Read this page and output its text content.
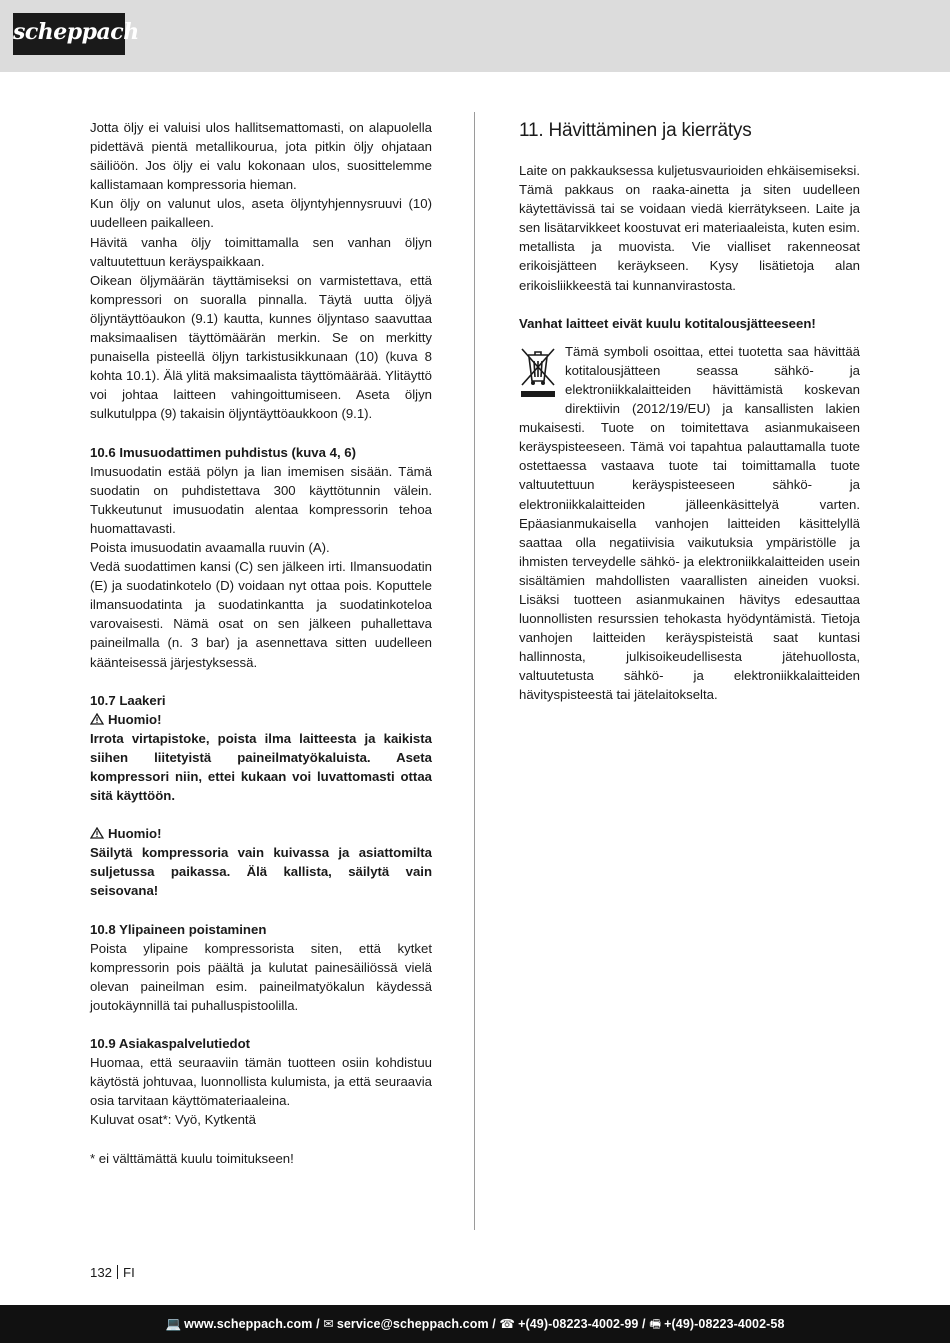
scheppach
Jotta öljy ei valuisi ulos hallitsemattomasti, on alapuolella pidettävä pientä metallikourua, jota pitkin öljy ohjataan säiliöön. Jos öljy ei valu kokonaan ulos, suosittelemme kallistamaan kompressoria hieman.
Kun öljy on valunut ulos, aseta öljyntyhjennysruuvi (10) uudelleen paikalleen.
Hävitä vanha öljy toimittamalla sen vanhan öljyn valtuutettuun keräyspaikkaan.
Oikean öljymäärän täyttämiseksi on varmistettava, että kompressori on suoralla pinnalla. Täytä uutta öljyä öljyntäyttöaukon (9.1) kautta, kunnes öljyntaso saavuttaa maksimaalisen täyttömäärän merkin. Se on merkitty punaisella pisteellä öljyn tarkistusikkunaan (10) (kuva 8 kohta 10.1). Älä ylitä maksimaalista täyttömäärää. Ylitäyttö voi johtaa laitteen vahingoittumiseen. Aseta öljyn sulkutulppa (9) takaisin öljyntäyttöaukkoon (9.1).
10.6 Imusuodattimen puhdistus (kuva 4, 6)
Imusuodatin estää pölyn ja lian imemisen sisään. Tämä suodatin on puhdistettava 300 käyttötunnin välein. Tukkeutunut imusuodatin alentaa kompressorin tehoa huomattavasti.
Poista imusuodatin avaamalla ruuvin (A).
Vedä suodattimen kansi (C) sen jälkeen irti. Ilmansuodatin (E) ja suodatinkotelo (D) voidaan nyt ottaa pois. Koputtele ilmansuodatinta ja suodatinkantta ja suodatinkoteloa varovaisesti. Nämä osat on sen jälkeen puhallettava paineilmalla (n. 3 bar) ja asennettava sitten uudelleen käänteisessä järjestyksessä.
10.7 Laakeri
Huomio!
Irrota virtapistoke, poista ilma laitteesta ja kaikista siihen liitetyistä paineilmatyökaluista. Aseta kompressori niin, ettei kukaan voi luvattomasti ottaa sitä käyttöön.
Huomio!
Säilytä kompressoria vain kuivassa ja asiattomilta suljetussa paikassa. Älä kallista, säilytä vain seisovana!
10.8 Ylipaineen poistaminen
Poista ylipaine kompressorista siten, että kytket kompressorin pois päältä ja kulutat painesäiliössä vielä olevan paineilman esim. paineilmatyökalun käydessä joutokäynnillä tai puhalluspistoolilla.
10.9 Asiakaspalvelutiedot
Huomaa, että seuraaviin tämän tuotteen osiin kohdistuu käytöstä johtuvaa, luonnollista kulumista, ja että seuraavia osia tarvitaan käyttömateriaaleina.
Kuluvat osat*: Vyö, Kytkentä
* ei välttämättä kuulu toimitukseen!
11. Hävittäminen ja kierrätys
Laite on pakkauksessa kuljetusvaurioiden ehkäisemiseksi. Tämä pakkaus on raaka-ainetta ja siten uudelleen käytettävissä tai se voidaan viedä kierrätykseen. Laite ja sen lisätarvikkeet koostuvat eri materiaaleista, kuten esim. metallista ja muovista. Vie vialliset rakenneosat erikoisjätteen keräykseen. Kysy lisätietoja alan erikoisliikkeestä tai kunnanvirastosta.
Vanhat laitteet eivät kuulu kotitalousjätteeseen!
Tämä symboli osoittaa, ettei tuotetta saa hävittää kotitalousjätteen seassa sähkö- ja elektroniikkalaitteiden hävittämistä koskevan direktiivin (2012/19/EU) ja kansallisten lakien mukaisesti. Tuote on toimitettava asianmukaiseen keräyspisteeseen. Tämä voi tapahtua palauttamalla tuote ostettaessa vastaava tuote tai toimittamalla tuote valtuutettuun keräyspisteeseen sähkö- ja elektroniikkalaitteiden jälleenkäsittelyä varten. Epäasianmukaisella vanhojen laitteiden käsittelyllä saattaa olla negatiivisia vaikutuksia ympäristölle ja ihmisten terveydelle sähkö- ja elektroniikkalaitteiden usein sisältämien mahdollisten vaarallisten aineiden vuoksi. Lisäksi tuotteen asianmukainen hävitys edesauttaa luonnollisten resurssien tehokasta hyödyntämistä. Tietoja vanhojen laitteiden keräyspisteistä saat kuntasi hallinnosta, julkisoikeudellisesta jätehuollosta, valtuutetusta sähkö- ja elektroniikkalaitteiden hävityspisteestä tai jätelaitokselta.
132 FI
💻 www.scheppach.com / ✉ service@scheppach.com / ☎ +(49)-08223-4002-99 / 🖷 +(49)-08223-4002-58
